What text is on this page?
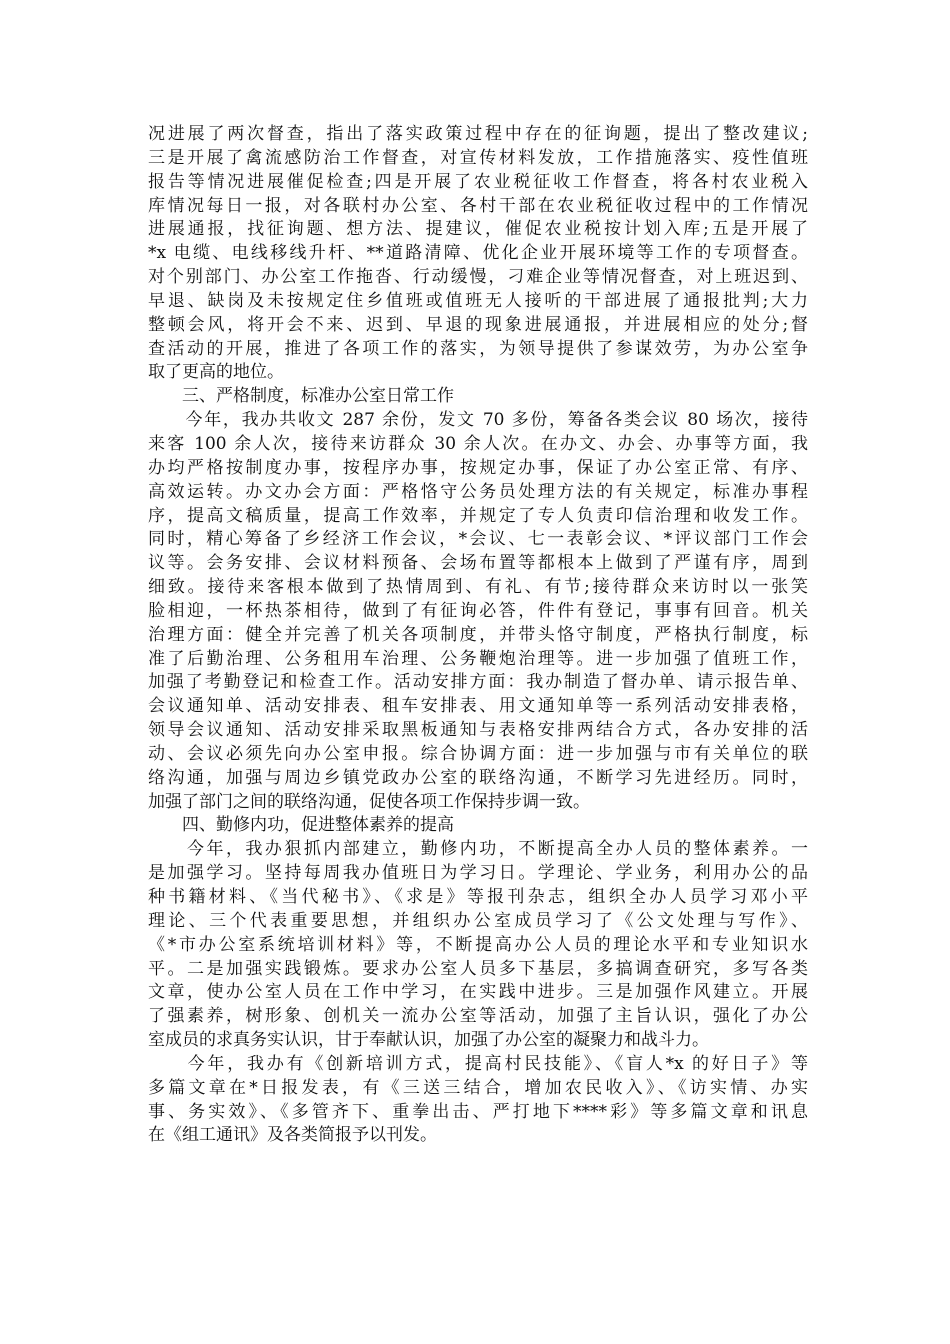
况进展了两次督查，指出了落实政策过程中存在的征询题，提出了整改建议;
三是开展了禽流感防治工作督查，对宣传材料发放，工作措施落实、疫性值班
报告等情况进展催促检查;四是开展了农业税征收工作督查，将各村农业税入
库情况每日一报，对各联村办公室、各村干部在农业税征收过程中的工作情况
进展通报，找征询题、想方法、提建议，催促农业税按计划入库;五是开展了
*x 电缆、电线移线升杆、**道路清障、优化企业开展环境等工作的专项督查。
对个别部门、办公室工作拖沓、行动缓慢，刁难企业等情况督查，对上班迟到、
早退、缺岗及未按规定住乡值班或值班无人接听的干部进展了通报批判;大力
整顿会风，将开会不来、迟到、早退的现象进展通报，并进展相应的处分;督
查活动的开展，推进了各项工作的落实，为领导提供了参谋效劳，为办公室争
取了更高的地位。
三、严格制度，标准办公室日常工作
　　今年，我办共收文 287 余份，发文 70 多份，筹备各类会议 80 场次，接待
来客 100 余人次，接待来访群众 30 余人次。在办文、办会、办事等方面，我
办均严格按制度办事，按程序办事，按规定办事，保证了办公室正常、有序、
高效运转。办文办会方面：严格恪守公务员处理方法的有关规定，标准办事程
序，提高文稿质量，提高工作效率，并规定了专人负责印信治理和收发工作。
同时，精心筹备了乡经济工作会议，*会议、七一表彰会议、*评议部门工作会
议等。会务安排、会议材料预备、会场布置等都根本上做到了严谨有序，周到
细致。接待来客根本做到了热情周到、有礼、有节;接待群众来访时以一张笑
脸相迎，一杯热茶相待，做到了有征询必答，件件有登记，事事有回音。机关
治理方面：健全并完善了机关各项制度，并带头恪守制度，严格执行制度，标
准了后勤治理、公务租用车治理、公务鞭炮治理等。进一步加强了值班工作，
加强了考勤登记和检查工作。活动安排方面：我办制造了督办单、请示报告单、
会议通知单、活动安排表、租车安排表、用文通知单等一系列活动安排表格，
领导会议通知、活动安排采取黑板通知与表格安排两结合方式，各办安排的活
动、会议必须先向办公室申报。综合协调方面：进一步加强与市有关单位的联
络沟通，加强与周边乡镇党政办公室的联络沟通，不断学习先进经历。同时，
加强了部门之间的联络沟通，促使各项工作保持步调一致。
四、勤修内功，促进整体素养的提高
　　今年，我办狠抓内部建立，勤修内功，不断提高全办人员的整体素养。一
是加强学习。坚持每周我办值班日为学习日。学理论、学业务，利用办公的品
种书籍材料、《当代秘书》、《求是》等报刊杂志，组织全办人员学习邓小平
理论、三个代表重要思想，并组织办公室成员学习了《公文处理与写作》、
《*市办公室系统培训材料》等，不断提高办公人员的理论水平和专业知识水
平。二是加强实践锻炼。要求办公室人员多下基层，多搞调查研究，多写各类
文章，使办公室人员在工作中学习，在实践中进步。三是加强作风建立。开展
了强素养，树形象、创机关一流办公室等活动，加强了主旨认识，强化了办公
室成员的求真务实认识，甘于奉献认识，加强了办公室的凝聚力和战斗力。
　　今年，我办有《创新培训方式，提高村民技能》、《盲人*x 的好日子》等
多篇文章在*日报发表，有《三送三结合，增加农民收入》、《访实情、办实
事、务实效》、《多管齐下、重拳出击、严打地下****彩》等多篇文章和讯息
在《组工通讯》及各类简报予以刊发。
